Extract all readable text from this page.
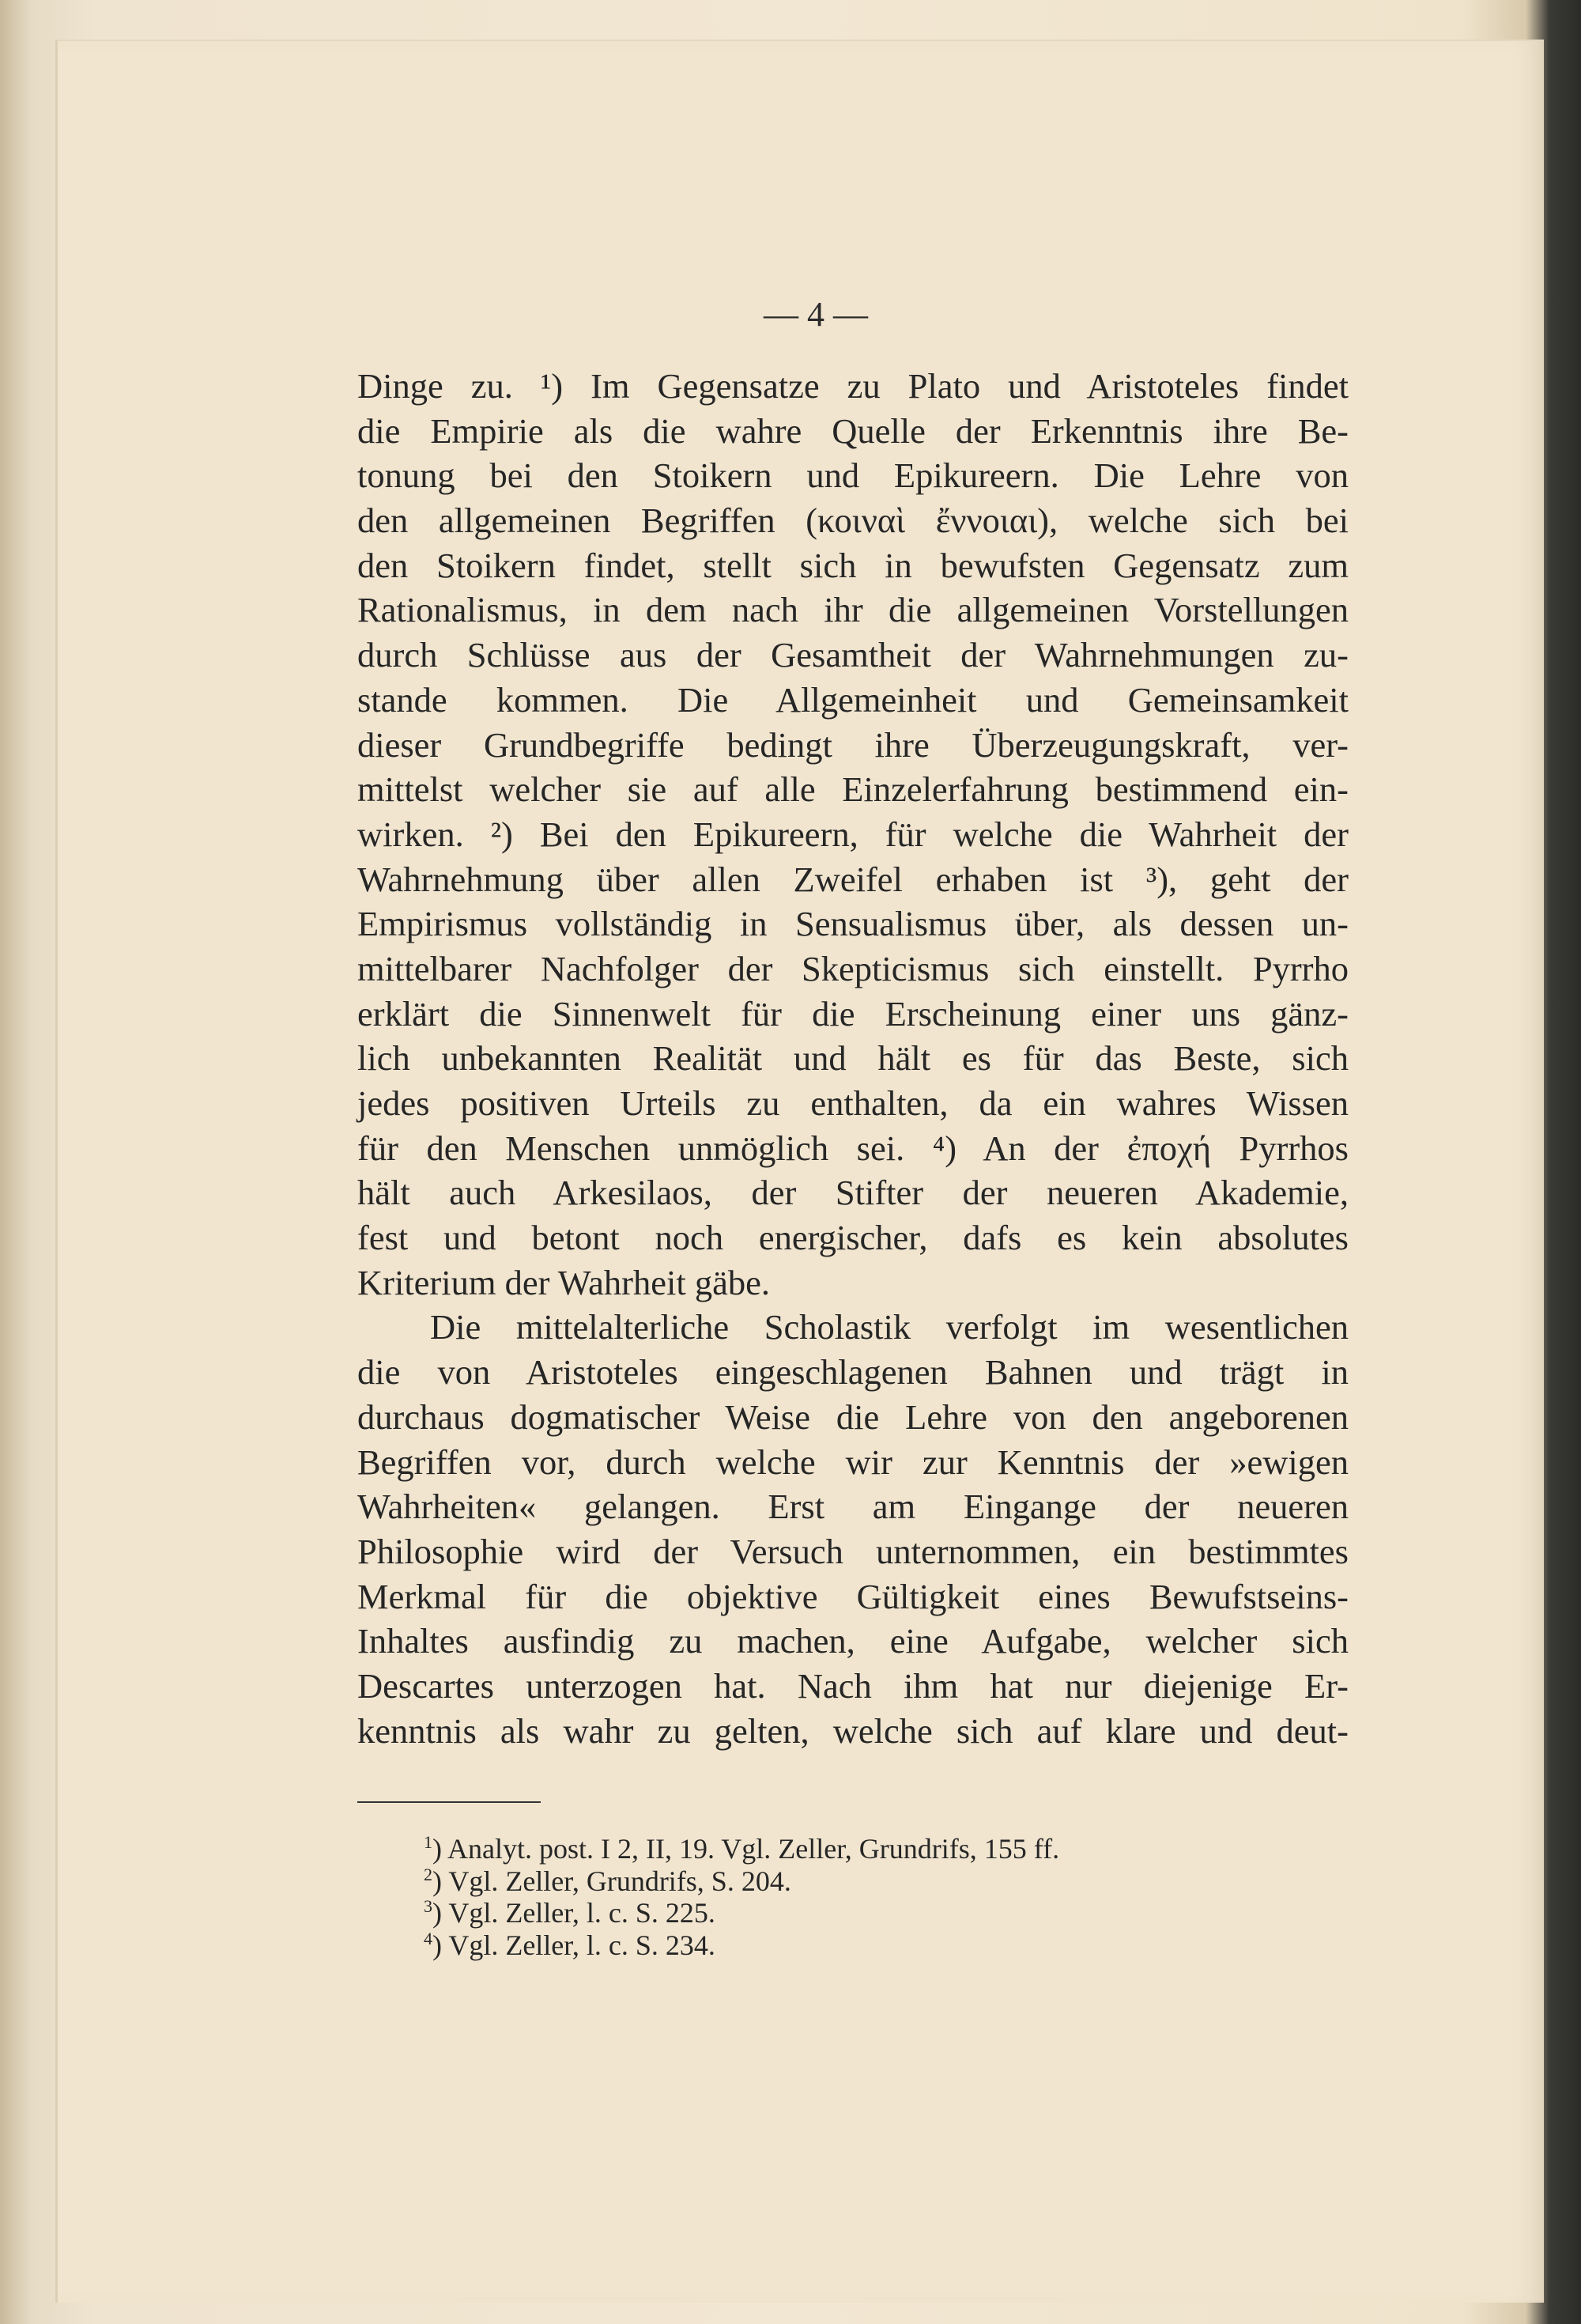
— 4 —
Dinge zu. ¹) Im Gegensatze zu Plato und Aristoteles findet
die Empirie als die wahre Quelle der Erkenntnis ihre Be-
tonung bei den Stoikern und Epikureern. Die Lehre von
den allgemeinen Begriffen (κοιναὶ ἔννοιαι), welche sich bei
den Stoikern findet, stellt sich in bewufsten Gegensatz zum
Rationalismus, in dem nach ihr die allgemeinen Vorstellungen
durch Schlüsse aus der Gesamtheit der Wahrnehmungen zu-
stande kommen. Die Allgemeinheit und Gemeinsamkeit
dieser Grundbegriffe bedingt ihre Überzeugungskraft, ver-
mittelst welcher sie auf alle Einzelerfahrung bestimmend ein-
wirken. ²) Bei den Epikureern, für welche die Wahrheit der
Wahrnehmung über allen Zweifel erhaben ist ³), geht der
Empirismus vollständig in Sensualismus über, als dessen un-
mittelbarer Nachfolger der Skepticismus sich einstellt. Pyrrho
erklärt die Sinnenwelt für die Erscheinung einer uns gänz-
lich unbekannten Realität und hält es für das Beste, sich
jedes positiven Urteils zu enthalten, da ein wahres Wissen
für den Menschen unmöglich sei. ⁴) An der ἐποχή Pyrrhos
hält auch Arkesilaos, der Stifter der neueren Akademie,
fest und betont noch energischer, dafs es kein absolutes
Kriterium der Wahrheit gäbe.
Die mittelalterliche Scholastik verfolgt im wesentlichen
die von Aristoteles eingeschlagenen Bahnen und trägt in
durchaus dogmatischer Weise die Lehre von den angeborenen
Begriffen vor, durch welche wir zur Kenntnis der »ewigen
Wahrheiten« gelangen. Erst am Eingange der neueren
Philosophie wird der Versuch unternommen, ein bestimmtes
Merkmal für die objektive Gültigkeit eines Bewufstseins-
Inhaltes ausfindig zu machen, eine Aufgabe, welcher sich
Descartes unterzogen hat. Nach ihm hat nur diejenige Er-
kenntnis als wahr zu gelten, welche sich auf klare und deut-
$^1$) Analyt. post. I 2, II, 19. Vgl. Zeller, Grundrifs, 155 ff.
$^2$) Vgl. Zeller, Grundrifs, S. 204.
$^3$) Vgl. Zeller, l. c. S. 225.
$^4$) Vgl. Zeller, l. c. S. 234.
